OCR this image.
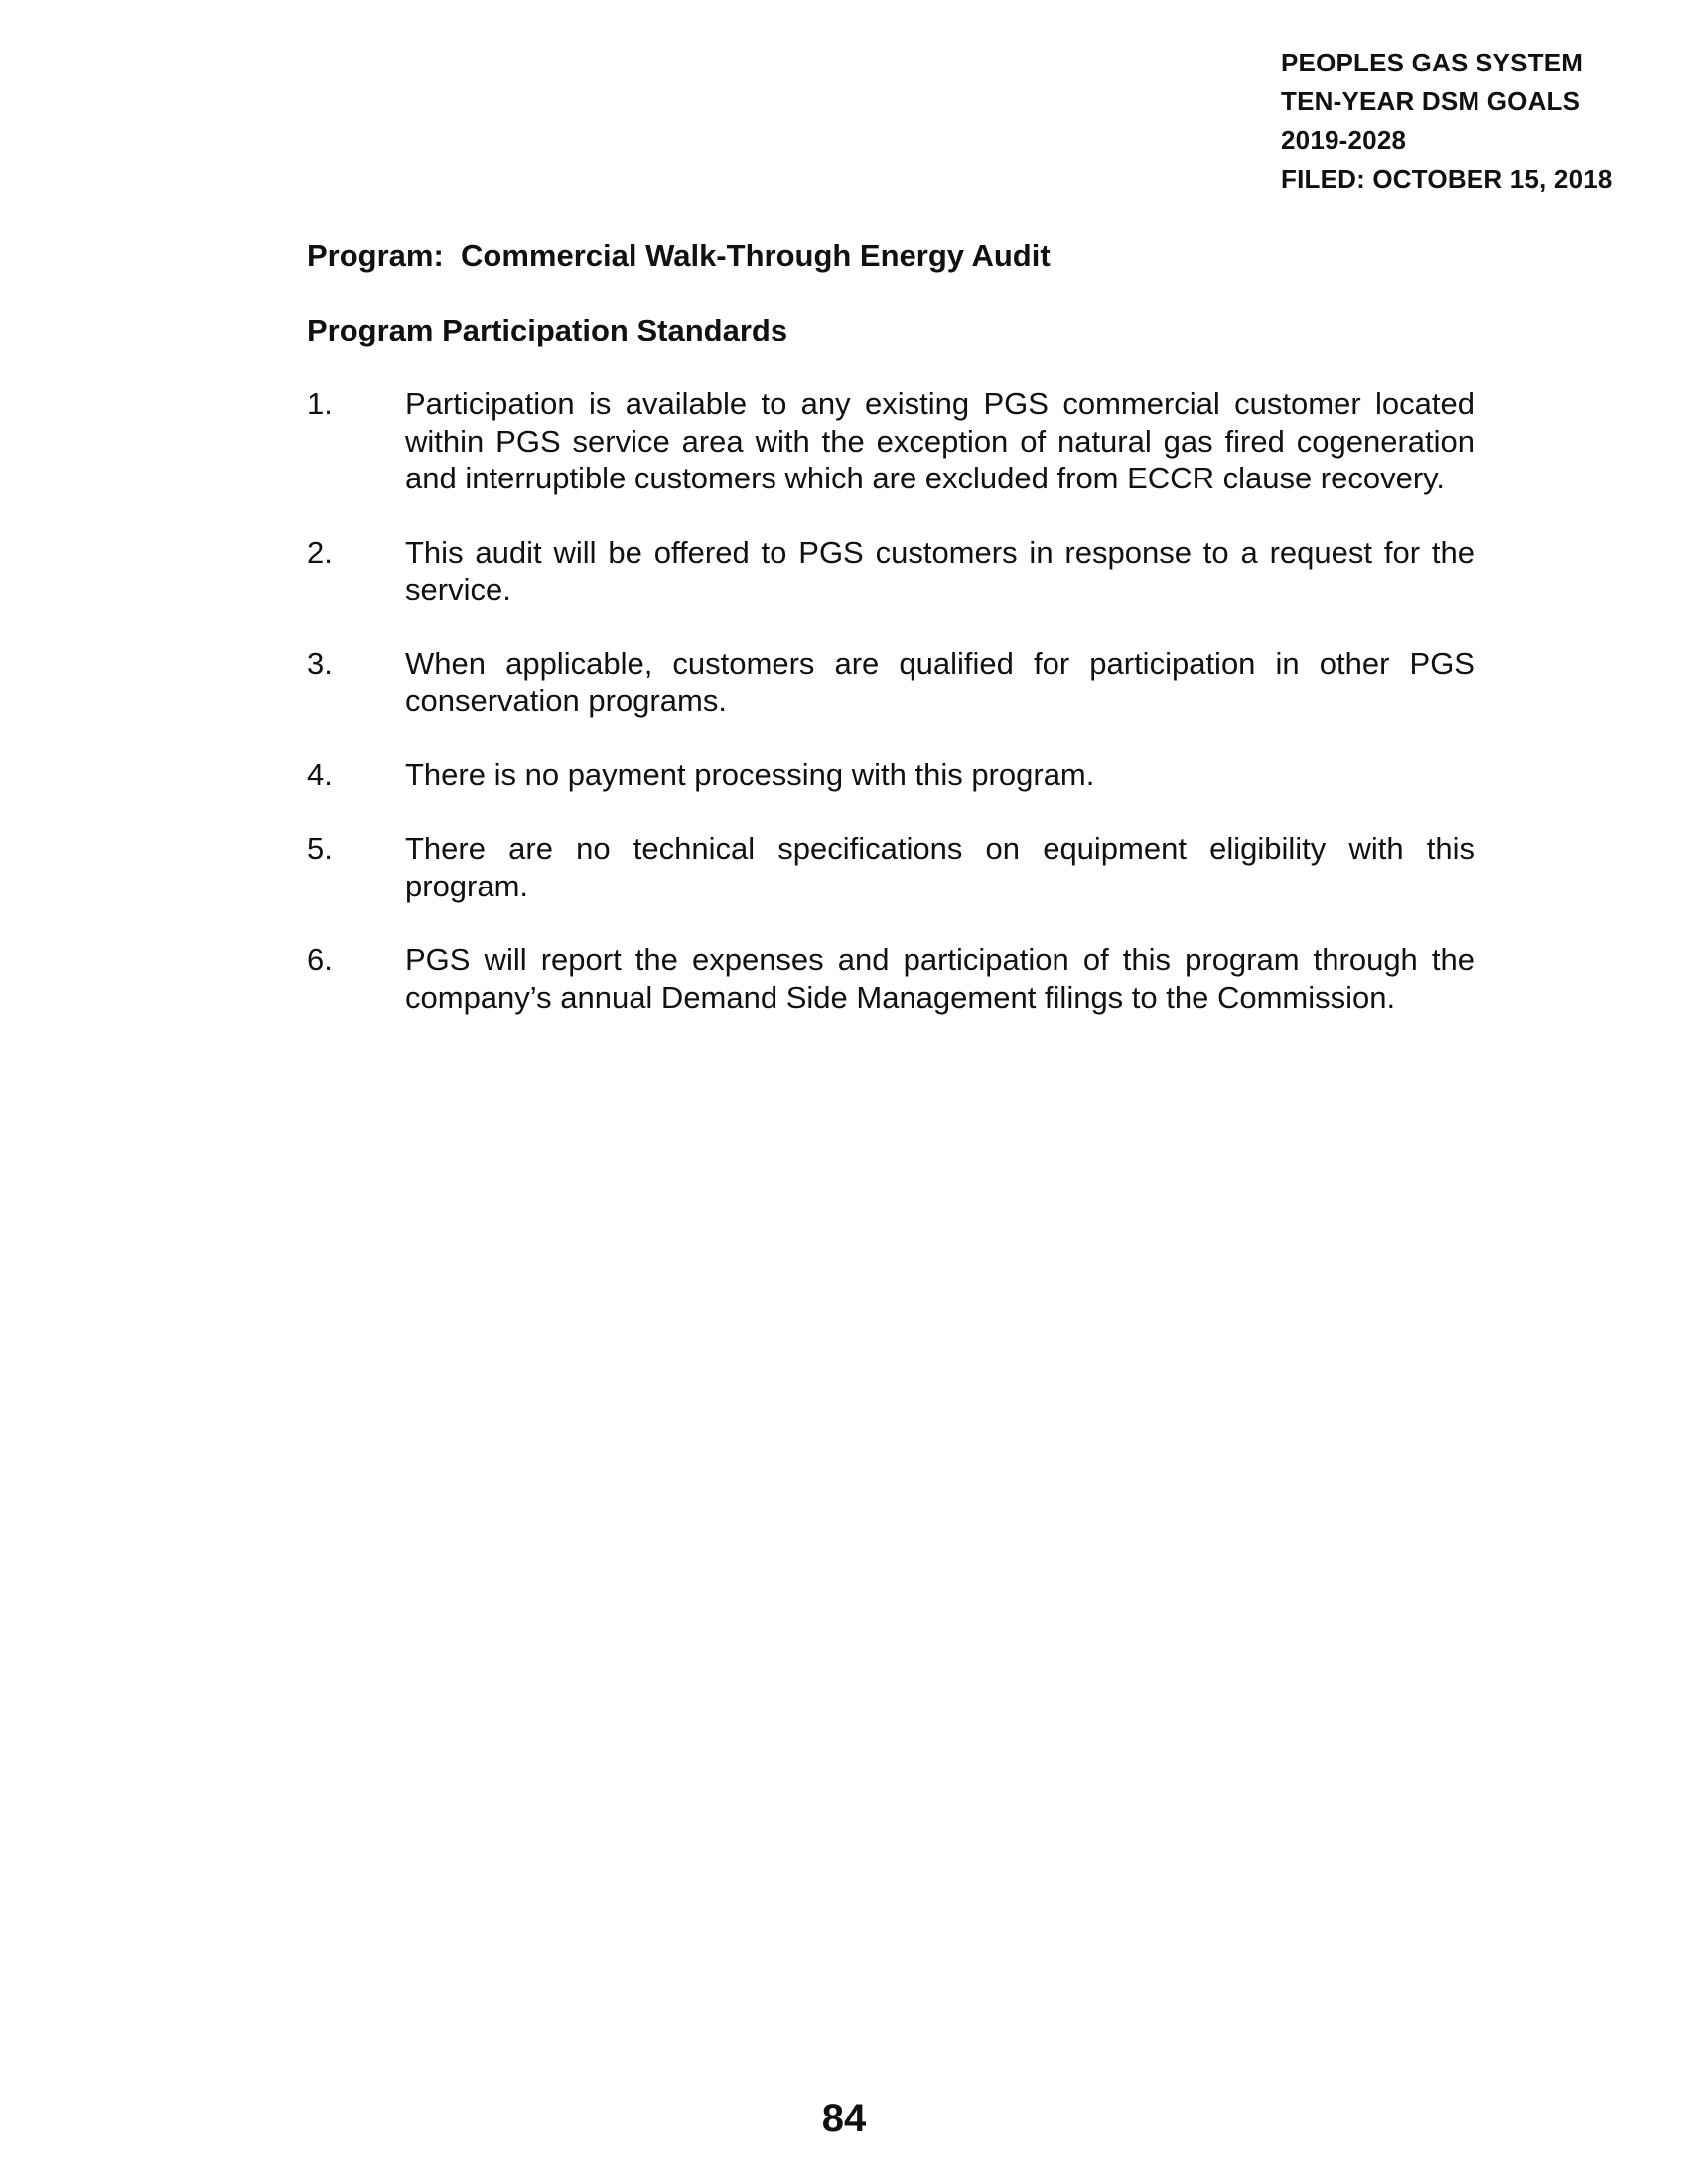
PEOPLES GAS SYSTEM
TEN-YEAR DSM GOALS
2019-2028
FILED: OCTOBER 15, 2018
Program:  Commercial Walk-Through Energy Audit
Program Participation Standards
1. Participation is available to any existing PGS commercial customer located within PGS service area with the exception of natural gas fired cogeneration and interruptible customers which are excluded from ECCR clause recovery.
2. This audit will be offered to PGS customers in response to a request for the service.
3. When applicable, customers are qualified for participation in other PGS conservation programs.
4. There is no payment processing with this program.
5. There are no technical specifications on equipment eligibility with this program.
6. PGS will report the expenses and participation of this program through the company’s annual Demand Side Management filings to the Commission.
84
